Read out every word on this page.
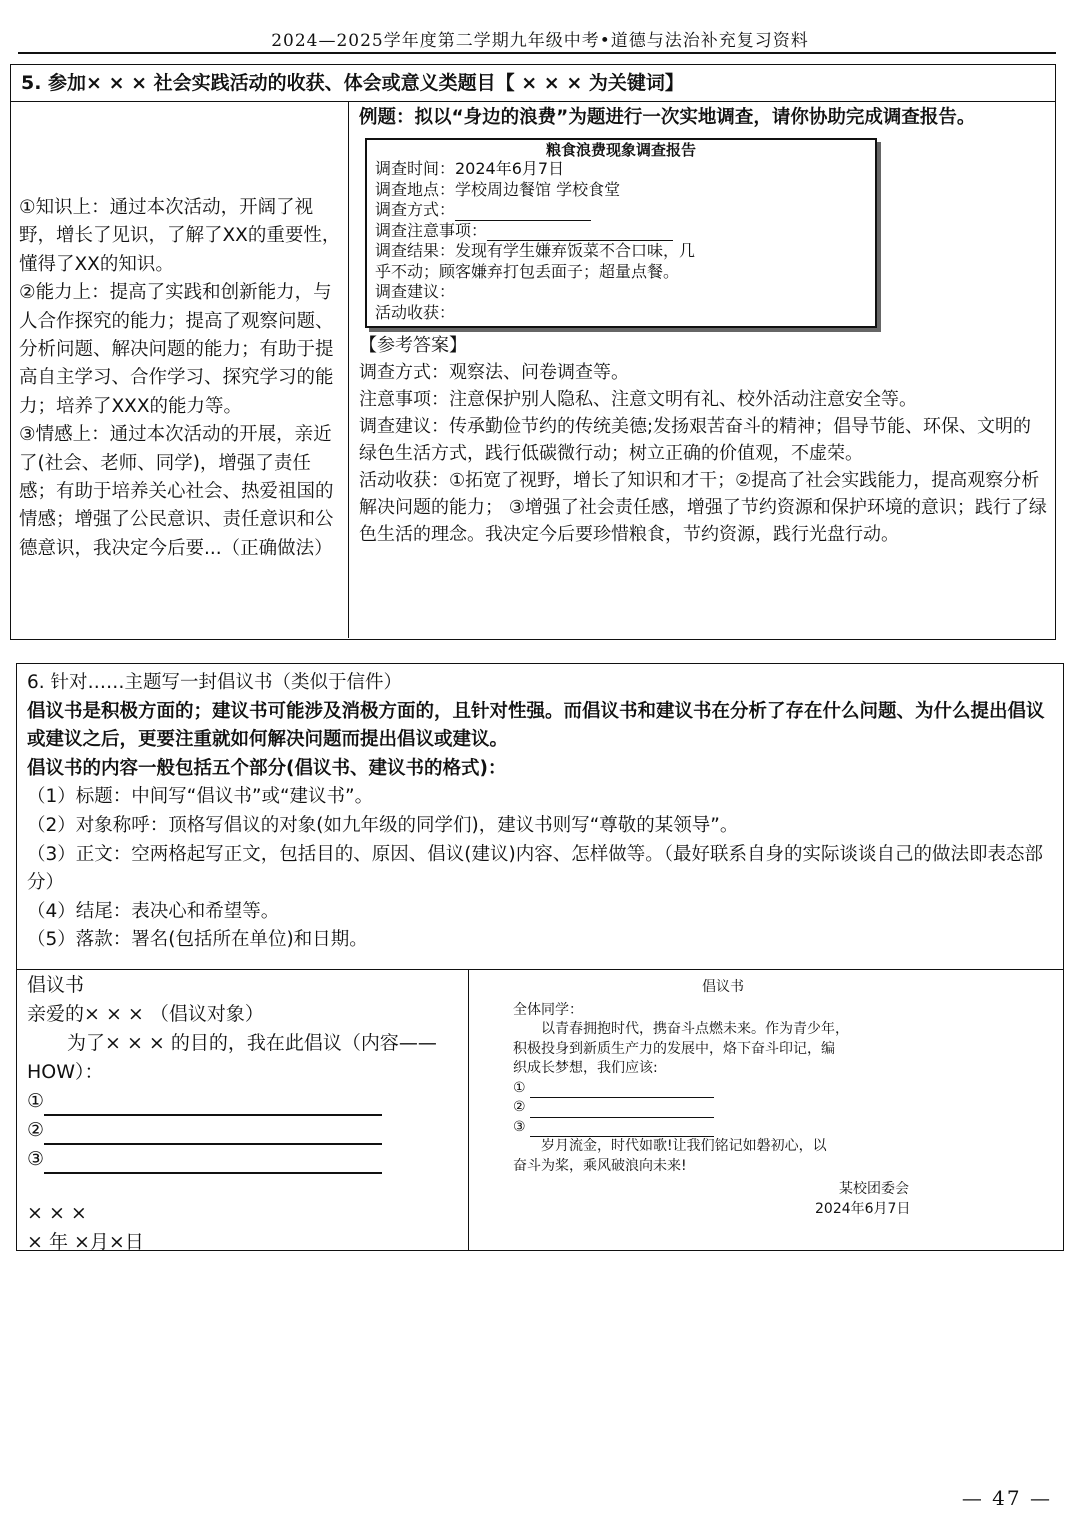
2024—2025学年度第二学期九年级中考•道德与法治补充复习资料
5. 参加× × × 社会实践活动的收获、体会或意义类题目【 × × × 为关键词】

①知识上：通过本次活动，开阔了视野，增长了见识，了解了XX的重要性，懂得了XX的知识。

②能力上：提高了实践和创新能力，与人合作探究的能力；提高了观察问题、分析问题、解决问题的能力；有助于提高自主学习、合作学习、探究学习的能力；培养了XXX的能力等。

③情感上：通过本次活动的开展，亲近了(社会、老师、同学)，增强了责任感；有助于培养关心社会、热爱祖国的情感；增强了公民意识、责任意识和公德意识，我决定今后要...（正确做法）

例题：拟以“身边的浪费”为题进行一次实地调查，请你协助完成调查报告。

粮食浪费现象调查报告
调查时间：2024年6月7日
调查地点：学校周边餐馆 学校食堂
调查方式：
调查注意事项：
调查结果：发现有学生嫌弃饭菜不合口味，几
乎不动；顾客嫌弃打包丢面子；超量点餐。
调查建议：
活动收获：

【参考答案】

调查方式：观察法、问卷调查等。

注意事项：注意保护别人隐私、注意文明有礼、校外活动注意安全等。

调查建议：传承勤俭节约的传统美德;发扬艰苦奋斗的精神；倡导节能、环保、文明的绿色生活方式，践行低碳微行动；树立正确的价值观，不虚荣。

活动收获：①拓宽了视野，增长了知识和才干；②提高了社会实践能力，提高观察分析解决问题的能力； ③增强了社会责任感，增强了节约资源和保护环境的意识；践行了绿色生活的理念。我决定今后要珍惜粮食，节约资源，践行光盘行动。

6. 针对……主题写一封倡议书（类似于信件）

倡议书是积极方面的；建议书可能涉及消极方面的，且针对性强。而倡议书和建议书在分析了存在什么问题、为什么提出倡议或建议之后，更要注重就如何解决问题而提出倡议或建议。

倡议书的内容一般包括五个部分(倡议书、建议书的格式)：

（1）标题：中间写“倡议书”或“建议书”。

（2）对象称呼：顶格写倡议的对象(如九年级的同学们)，建议书则写“尊敬的某领导”。

（3）正文：空两格起写正文，包括目的、原因、倡议(建议)内容、怎样做等。（最好联系自身的实际谈谈自己的做法即表态部分）

（4）结尾：表决心和希望等。

（5）落款：署名(包括所在单位)和日期。

倡议书

亲爱的× × × （倡议对象）

为了× × × 的目的，我在此倡议（内容——HOW）：

①

②

③

× × ×

× 年 ×月×日

倡议书

全体同学：

以青春拥抱时代，携奋斗点燃未来。作为青少年，

积极投身到新质生产力的发展中，烙下奋斗印记，编

织成长梦想，我们应该:

①

②

③

岁月流金，时代如歌!让我们铭记如磐初心，以

奋斗为桨，乘风破浪向未来!

某校团委会

2024年6月7日

— 47 —
